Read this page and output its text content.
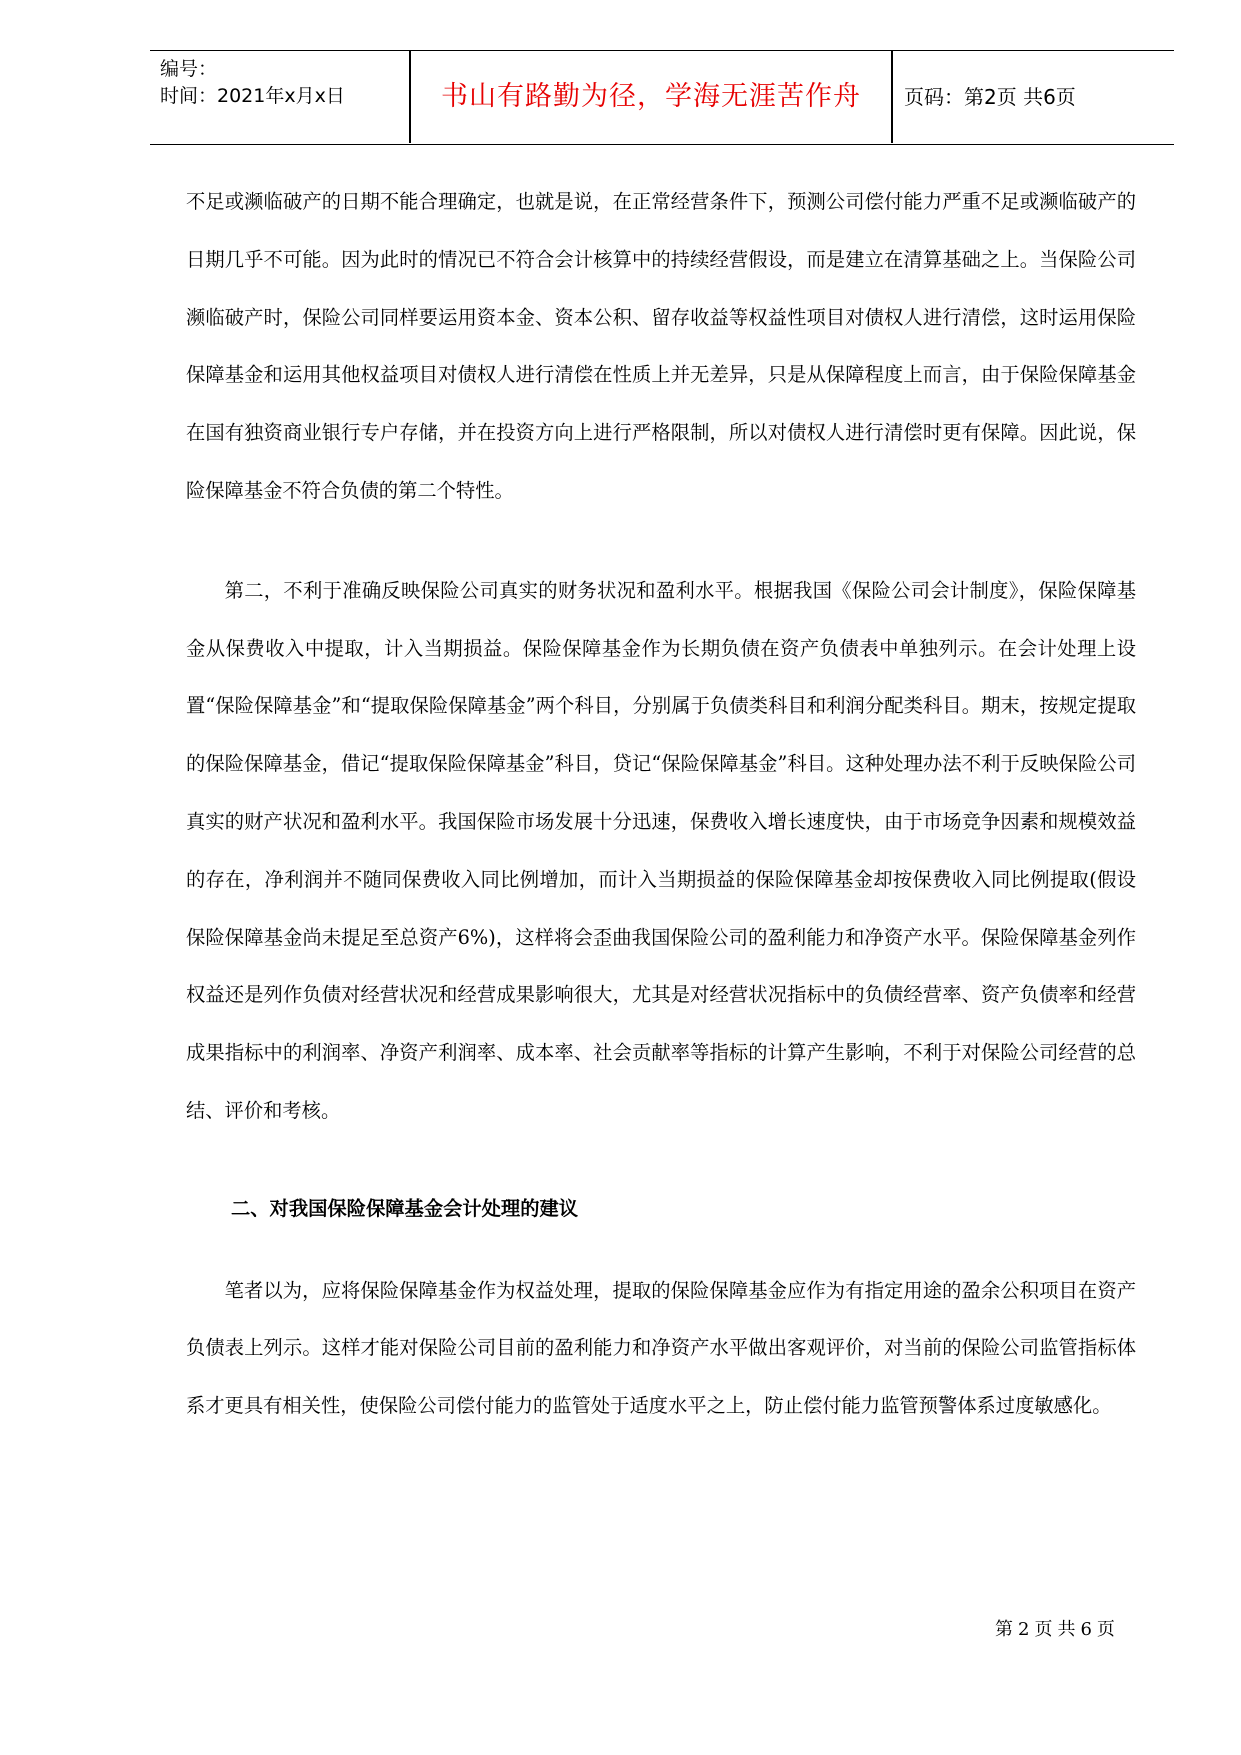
编号：
时间：2021年x月x日	书山有路勤为径，学海无涯苦作舟	页码：第2页 共6页

不足或濒临破产的日期不能合理确定，也就是说，在正常经营条件下，预测公司偿付能力严重不足或濒临破产的日期几乎不可能。因为此时的情况已不符合会计核算中的持续经营假设，而是建立在清算基础之上。当保险公司濒临破产时，保险公司同样要运用资本金、资本公积、留存收益等权益性项目对债权人进行清偿，这时运用保险保障基金和运用其他权益项目对债权人进行清偿在性质上并无差异，只是从保障程度上而言，由于保险保障基金在国有独资商业银行专户存储，并在投资方向上进行严格限制，所以对债权人进行清偿时更有保障。因此说，保险保障基金不符合负债的第二个特性。

第二，不利于准确反映保险公司真实的财务状况和盈利水平。根据我国《保险公司会计制度》，保险保障基金从保费收入中提取，计入当期损益。保险保障基金作为长期负债在资产负债表中单独列示。在会计处理上设置“保险保障基金”和“提取保险保障基金”两个科目，分别属于负债类科目和利润分配类科目。期末，按规定提取的保险保障基金，借记“提取保险保障基金”科目，贷记“保险保障基金”科目。这种处理办法不利于反映保险公司真实的财产状况和盈利水平。我国保险市场发展十分迅速，保费收入增长速度快，由于市场竞争因素和规模效益的存在，净利润并不随同保费收入同比例增加，而计入当期损益的保险保障基金却按保费收入同比例提取(假设保险保障基金尚未提足至总资产6%)，这样将会歪曲我国保险公司的盈利能力和净资产水平。保险保障基金列作权益还是列作负债对经营状况和经营成果影响很大，尤其是对经营状况指标中的负债经营率、资产负债率和经营成果指标中的利润率、净资产利润率、成本率、社会贡献率等指标的计算产生影响，不利于对保险公司经营的总结、评价和考核。

二、对我国保险保障基金会计处理的建议

笔者以为，应将保险保障基金作为权益处理，提取的保险保障基金应作为有指定用途的盈余公积项目在资产负债表上列示。这样才能对保险公司目前的盈利能力和净资产水平做出客观评价，对当前的保险公司监管指标体系才更具有相关性，使保险公司偿付能力的监管处于适度水平之上，防止偿付能力监管预警体系过度敏感化。

第2页共6页
